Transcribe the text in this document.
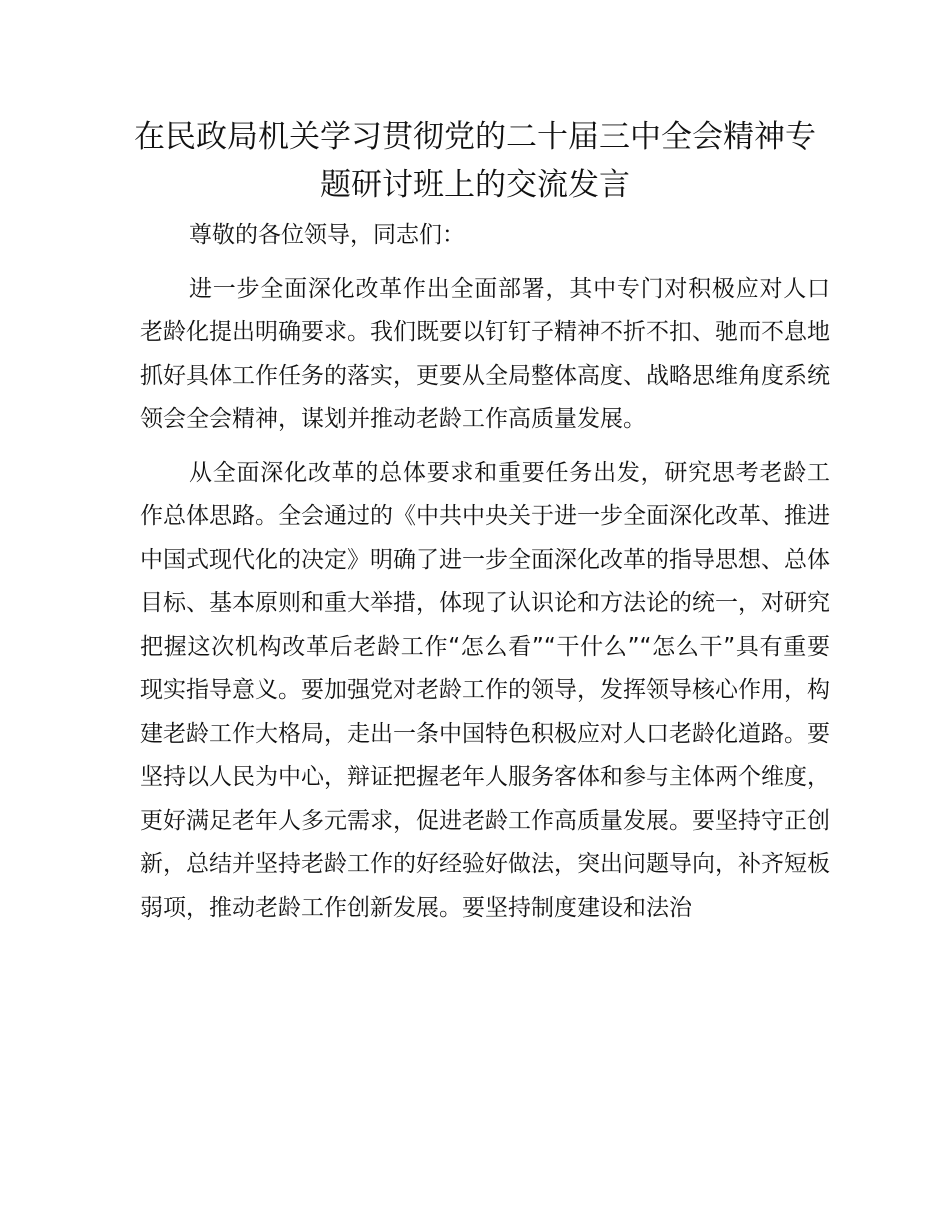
在民政局机关学习贯彻党的二十届三中全会精神专题研讨班上的交流发言

尊敬的各位领导，同志们：

进一步全面深化改革作出全面部署，其中专门对积极应对人口老龄化提出明确要求。我们既要以钉钉子精神不折不扣、驰而不息地抓好具体工作任务的落实，更要从全局整体高度、战略思维角度系统领会全会精神，谋划并推动老龄工作高质量发展。

从全面深化改革的总体要求和重要任务出发，研究思考老龄工作总体思路。全会通过的《中共中央关于进一步全面深化改革、推进中国式现代化的决定》明确了进一步全面深化改革的指导思想、总体目标、基本原则和重大举措，体现了认识论和方法论的统一，对研究把握这次机构改革后老龄工作“怎么看”“干什么”“怎么干”具有重要现实指导意义。要加强党对老龄工作的领导，发挥领导核心作用，构建老龄工作大格局，走出一条中国特色积极应对人口老龄化道路。要坚持以人民为中心，辩证把握老年人服务客体和参与主体两个维度，更好满足老年人多元需求，促进老龄工作高质量发展。要坚持守正创新，总结并坚持老龄工作的好经验好做法，突出问题导向，补齐短板弱项，推动老龄工作创新发展。要坚持制度建设和法治
